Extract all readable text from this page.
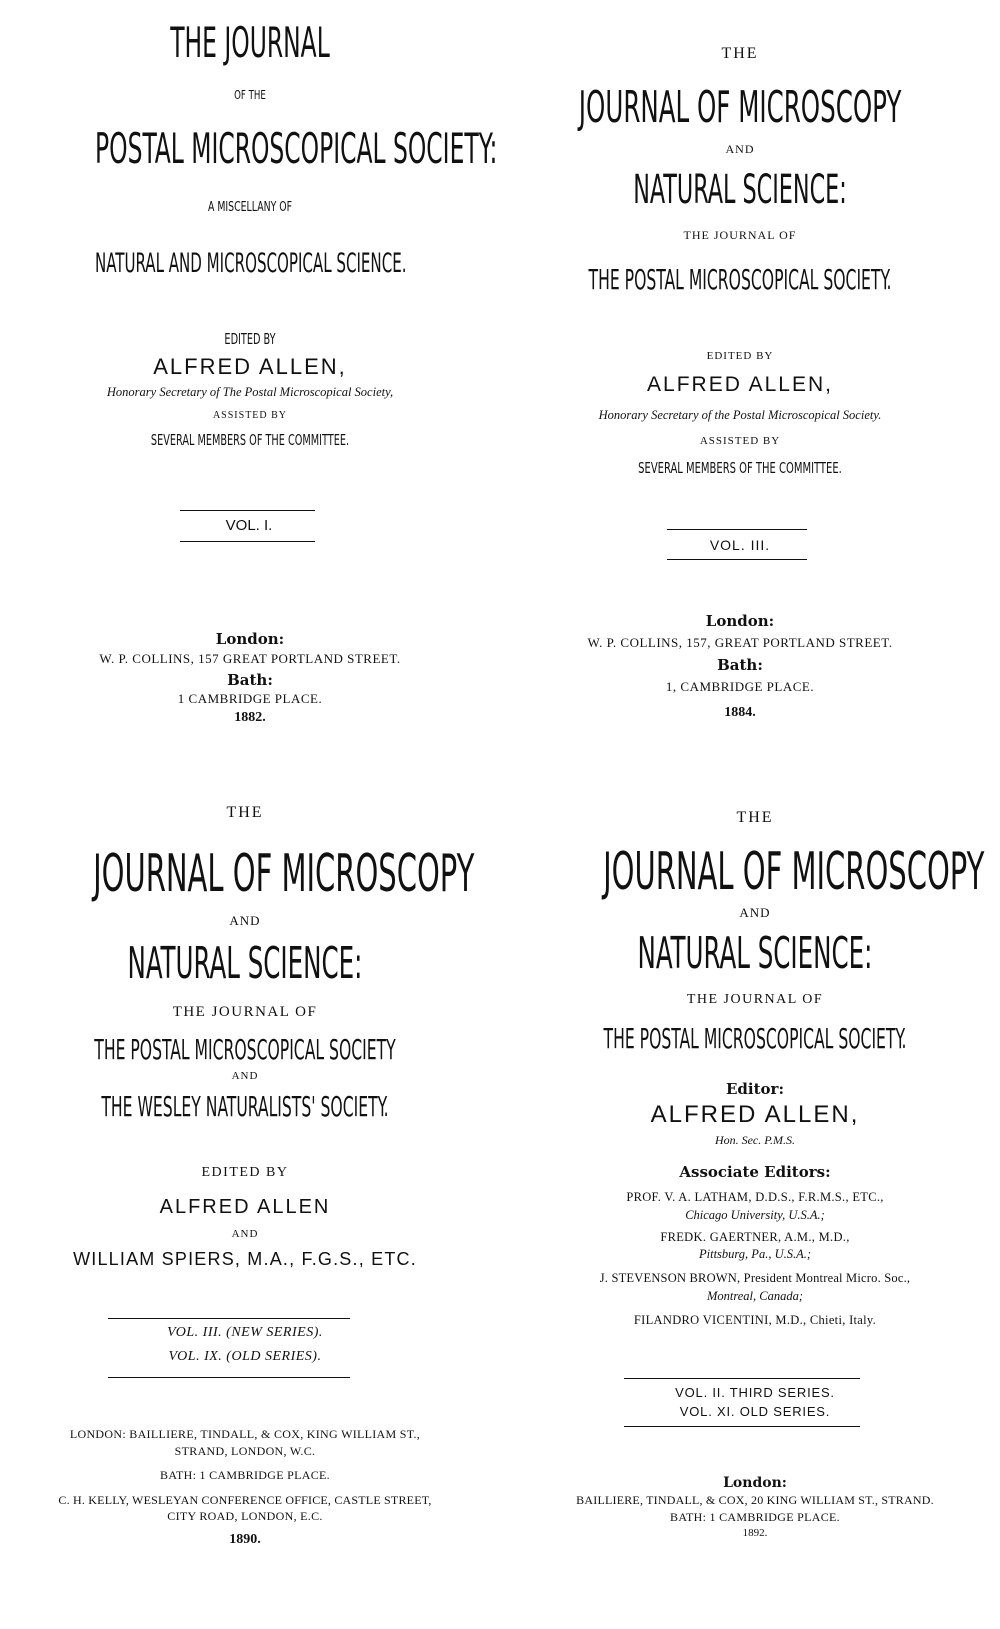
THE JOURNAL
OF THE
POSTAL MICROSCOPICAL SOCIETY:
A MISCELLANY OF
NATURAL AND MICROSCOPICAL SCIENCE.
EDITED BY
ALFRED ALLEN,
Honorary Secretary of The Postal Microscopical Society,
ASSISTED BY
SEVERAL MEMBERS OF THE COMMITTEE.
VOL. I.
London:
W. P. COLLINS, 157 GREAT PORTLAND STREET.
Bath:
1 CAMBRIDGE PLACE.
1882.
THE
JOURNAL OF MICROSCOPY
AND
NATURAL SCIENCE:
THE JOURNAL OF
THE POSTAL MICROSCOPICAL SOCIETY.
EDITED BY
ALFRED ALLEN,
Honorary Secretary of the Postal Microscopical Society.
ASSISTED BY
SEVERAL MEMBERS OF THE COMMITTEE.
VOL. III.
London:
W. P. COLLINS, 157, GREAT PORTLAND STREET.
Bath:
1, CAMBRIDGE PLACE.
1884.
THE
JOURNAL OF MICROSCOPY
AND
NATURAL SCIENCE:
THE JOURNAL OF
THE POSTAL MICROSCOPICAL SOCIETY
AND
THE WESLEY NATURALISTS' SOCIETY.
EDITED BY
ALFRED ALLEN
AND
WILLIAM SPIERS, M.A., F.G.S., ETC.
VOL. III. (NEW SERIES).
VOL. IX. (OLD SERIES).
LONDON: BAILLIERE, TINDALL, & COX, KING WILLIAM ST.,
STRAND, LONDON, W.C.
BATH: 1 CAMBRIDGE PLACE.
C. H. KELLY, WESLEYAN CONFERENCE OFFICE, CASTLE STREET,
CITY ROAD, LONDON, E.C.
1890.
THE
JOURNAL OF MICROSCOPY
AND
NATURAL SCIENCE:
THE JOURNAL OF
THE POSTAL MICROSCOPICAL SOCIETY.
Editor:
ALFRED ALLEN,
Hon. Sec. P.M.S.
Associate Editors:
PROF. V. A. LATHAM, D.D.S., F.R.M.S., ETC.,
Chicago University, U.S.A.;
FREDK. GAERTNER, A.M., M.D.,
Pittsburg, Pa., U.S.A.;
J. STEVENSON BROWN, President Montreal Micro. Soc.,
Montreal, Canada;
FILANDRO VICENTINI, M.D., Chieti, Italy.
VOL. II. THIRD SERIES.
VOL. XI. OLD SERIES.
London:
BAILLIERE, TINDALL, & COX, 20 KING WILLIAM ST., STRAND.
BATH: 1 CAMBRIDGE PLACE.
1892.
